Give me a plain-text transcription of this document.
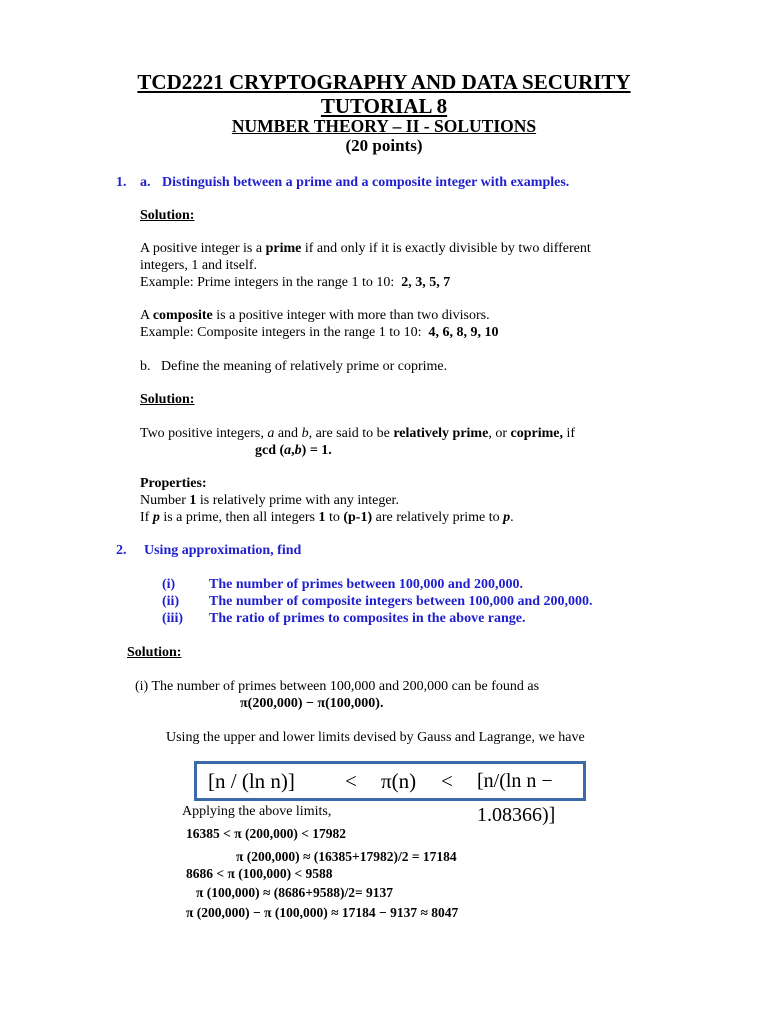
TCD2221 CRYPTOGRAPHY AND DATA SECURITY
TUTORIAL 8
NUMBER THEORY – II - SOLUTIONS
(20 points)
1. a. Distinguish between a prime and a composite integer with examples.
Solution:
A positive integer is a prime if and only if it is exactly divisible by two different
integers, 1 and itself.
Example: Prime integers in the range 1 to 10: 2, 3, 5, 7
A composite is a positive integer with more than two divisors.
Example: Composite integers in the range 1 to 10: 4, 6, 8, 9, 10
b. Define the meaning of relatively prime or coprime.
Solution:
Two positive integers, a and b, are said to be relatively prime, or coprime, if
gcd (a,b) = 1.
Properties:
Number 1 is relatively prime with any integer.
If p is a prime, then all integers 1 to (p-1) are relatively prime to p.
2. Using approximation, find
(i) The number of primes between 100,000 and 200,000.
(ii) The number of composite integers between 100,000 and 200,000.
(iii) The ratio of primes to composites in the above range.
Solution:
(i) The number of primes between 100,000 and 200,000 can be found as
π(200,000) − π(100,000).
Using the upper and lower limits devised by Gauss and Lagrange, we have
[n / (ln n)] < π(n) < [n/(ln n − 1.08366)]
Applying the above limits,
16385 < π (200,000) < 17982
π (200,000) ≈ (16385+17982)/2 = 17184
8686 < π (100,000) < 9588
π (100,000) ≈ (8686+9588)/2= 9137
π (200,000) − π (100,000) ≈ 17184 − 9137 ≈ 8047
